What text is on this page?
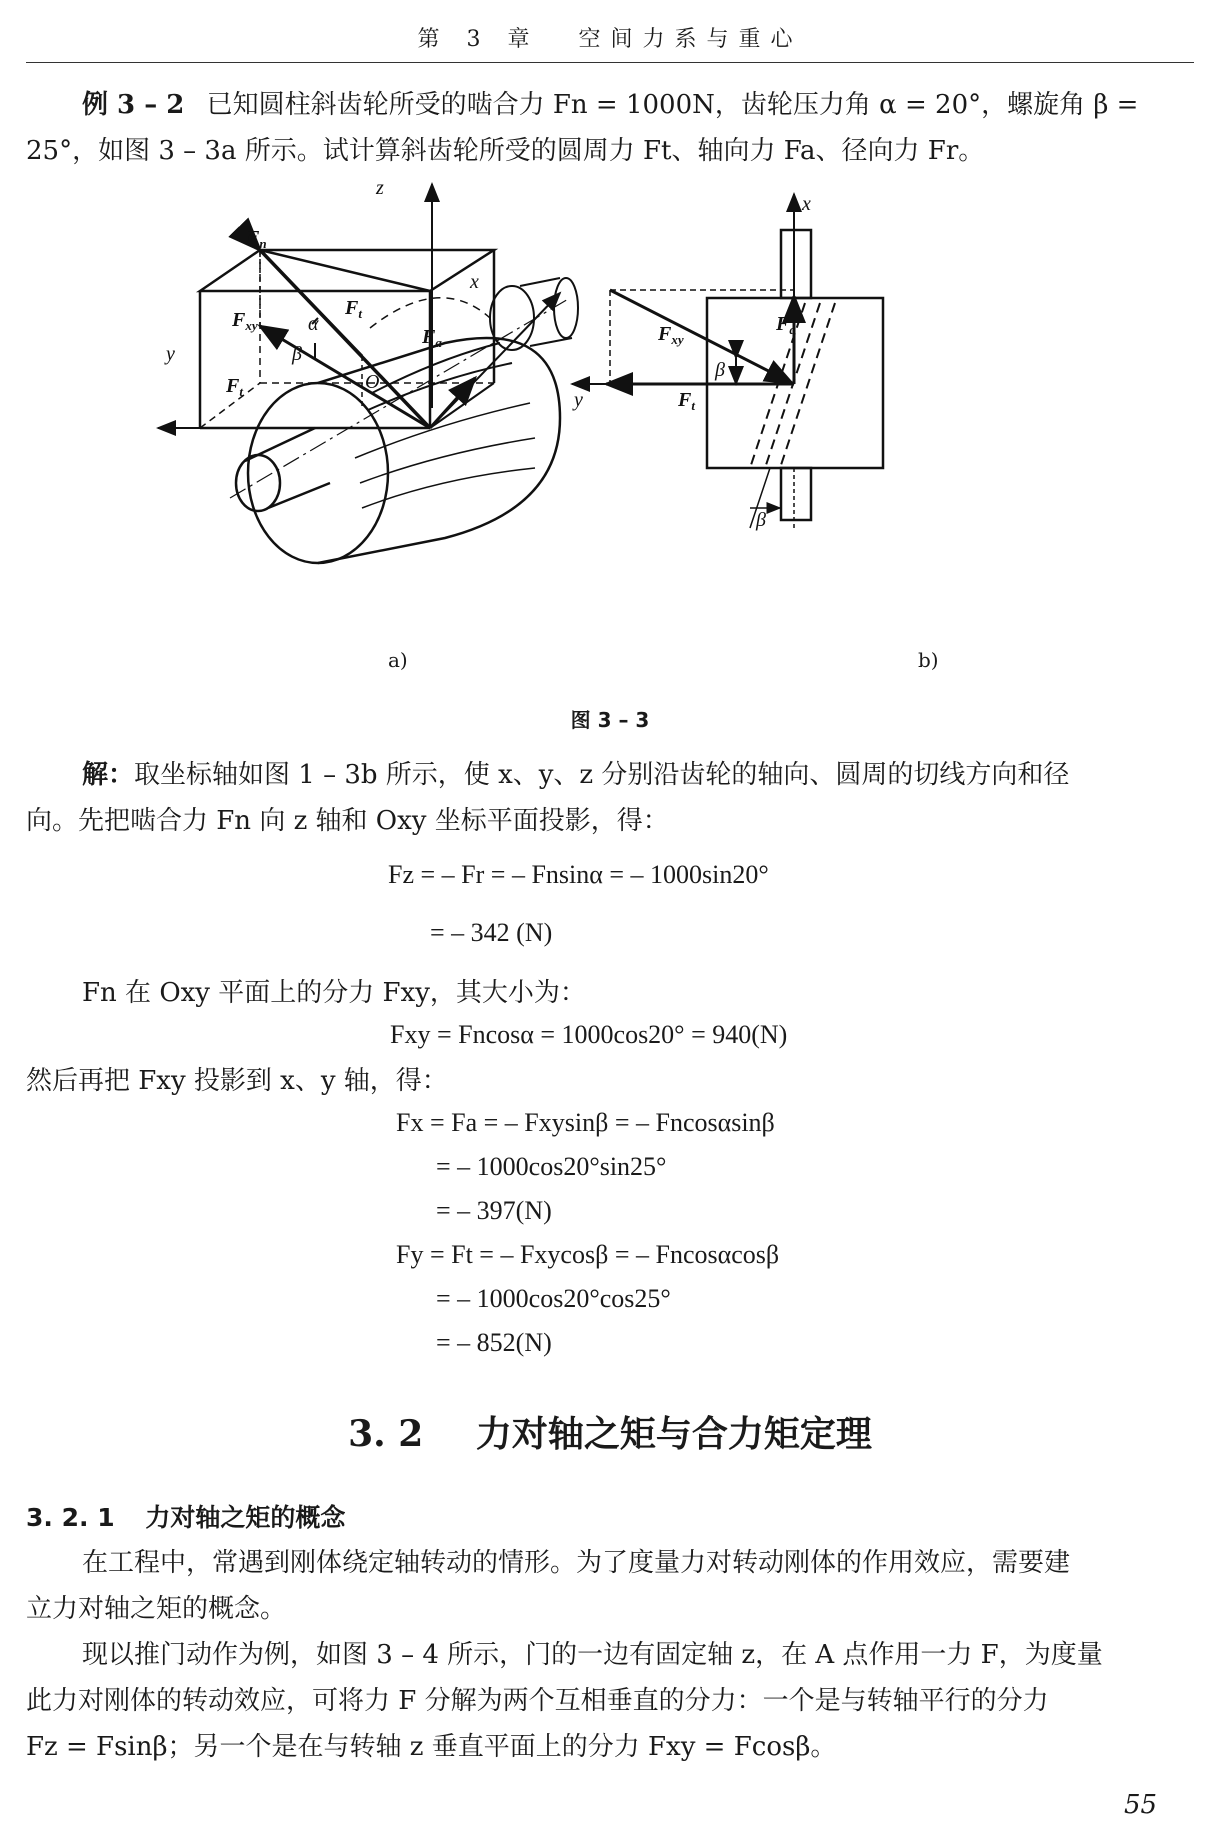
第 3 章 空间力系与重心
例 3 – 2 已知圆柱斜齿轮所受的啮合力 Fn = 1000N，齿轮压力角 α = 20°，螺旋角 β =
25°，如图 3 – 3a 所示。试计算斜齿轮所受的圆周力 Ft、轴向力 Fa、径向力 Fr。
z
y
x
$F_n$
$F_{xy}$
$F_t$
$F_t$
$F_a$
α
β
O
x
y
$F_{xy}$
$F_a$
$F_t$
β
β
a)	b)
图 3 – 3
解：取坐标轴如图 1 – 3b 所示，使 x、y、z 分别沿齿轮的轴向、圆周的切线方向和径
向。先把啮合力 Fn 向 z 轴和 Oxy 坐标平面投影，得：
Fz = – Fr = – Fnsinα = – 1000sin20°
= – 342 (N)
Fn 在 Oxy 平面上的分力 Fxy，其大小为：
Fxy = Fncosα = 1000cos20° = 940(N)
然后再把 Fxy 投影到 x、y 轴，得：
Fx = Fa = – Fxysinβ = – Fncosαsinβ
= – 1000cos20°sin25°
= – 397(N)
Fy = Ft = – Fxycosβ = – Fncosαcosβ
= – 1000cos20°cos25°
= – 852(N)
3. 2 力对轴之矩与合力矩定理
3. 2. 1 力对轴之矩的概念
在工程中，常遇到刚体绕定轴转动的情形。为了度量力对转动刚体的作用效应，需要建
立力对轴之矩的概念。
现以推门动作为例，如图 3 – 4 所示，门的一边有固定轴 z，在 A 点作用一力 F，为度量
此力对刚体的转动效应，可将力 F 分解为两个互相垂直的分力：一个是与转轴平行的分力
Fz = Fsinβ；另一个是在与转轴 z 垂直平面上的分力 Fxy = Fcosβ。
55
